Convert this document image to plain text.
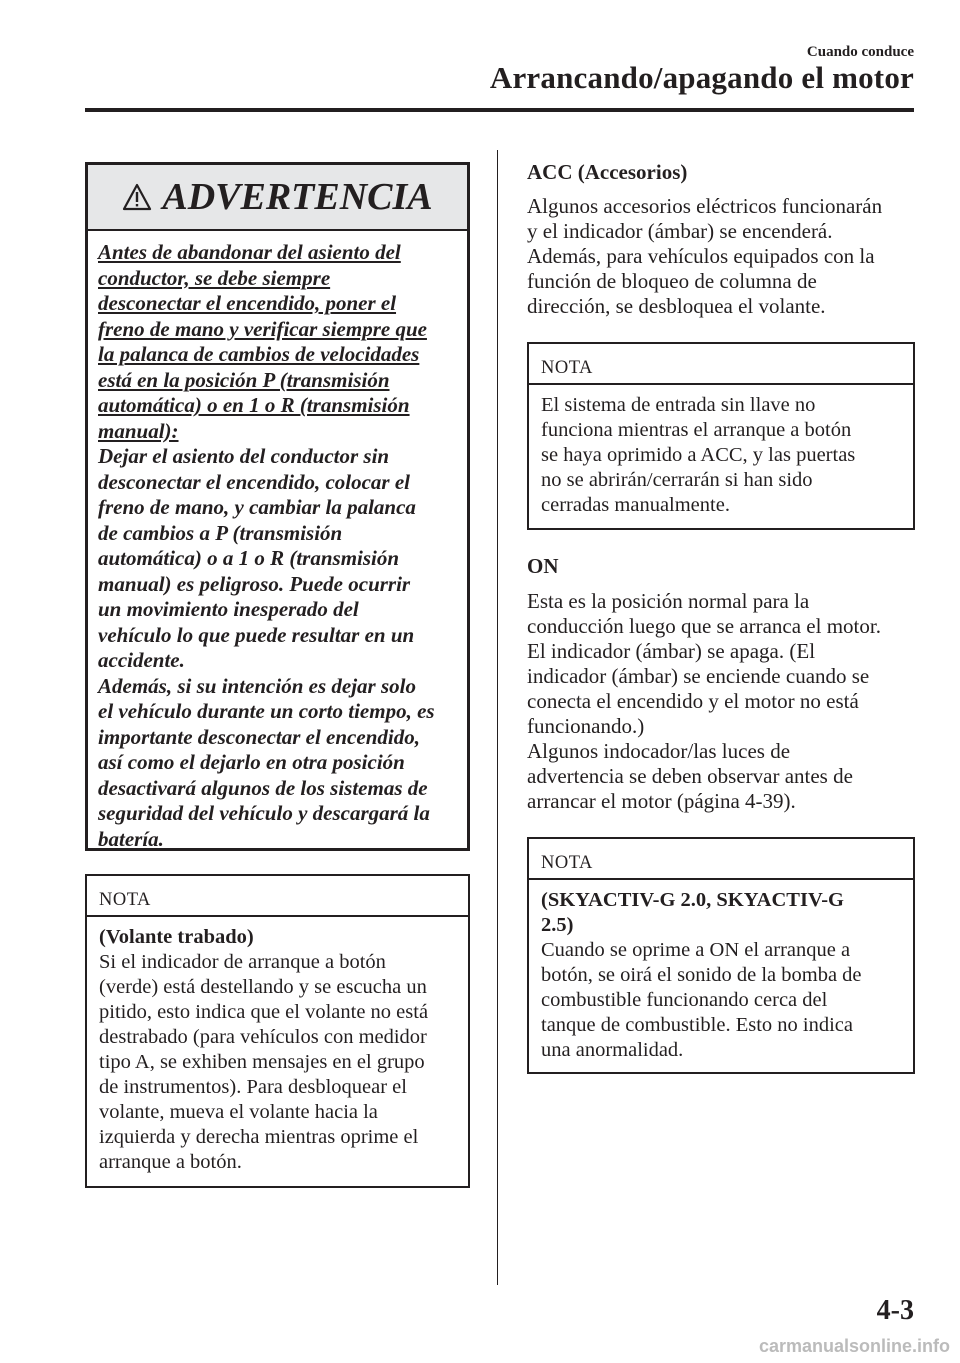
Cuando conduce
Arrancando/apagando el motor
ADVERTENCIA
Antes de abandonar del asiento del
conductor, se debe siempre
desconectar el encendido, poner el
freno de mano y verificar siempre que
la palanca de cambios de velocidades
está en la posición P (transmisión
automática) o en 1 o R (transmisión
manual):
Dejar el asiento del conductor sin
desconectar el encendido, colocar el
freno de mano, y cambiar la palanca
de cambios a P (transmisión
automática) o a 1 o R (transmisión
manual) es peligroso. Puede ocurrir
un movimiento inesperado del
vehículo lo que puede resultar en un
accidente.
Además, si su intención es dejar solo
el vehículo durante un corto tiempo, es
importante desconectar el encendido,
así como el dejarlo en otra posición
desactivará algunos de los sistemas de
seguridad del vehículo y descargará la
batería.
NOTA
(Volante trabado)
Si el indicador de arranque a botón
(verde) está destellando y se escucha un
pitido, esto indica que el volante no está
destrabado (para vehículos con medidor
tipo A, se exhiben mensajes en el grupo
de instrumentos). Para desbloquear el
volante, mueva el volante hacia la
izquierda y derecha mientras oprime el
arranque a botón.
ACC (Accesorios)
Algunos accesorios eléctricos funcionarán
y el indicador (ámbar) se encenderá.
Además, para vehículos equipados con la
función de bloqueo de columna de
dirección, se desbloquea el volante.
NOTA
El sistema de entrada sin llave no
funciona mientras el arranque a botón
se haya oprimido a ACC, y las puertas
no se abrirán/cerrarán si han sido
cerradas manualmente.
ON
Esta es la posición normal para la
conducción luego que se arranca el motor.
El indicador (ámbar) se apaga. (El
indicador (ámbar) se enciende cuando se
conecta el encendido y el motor no está
funcionando.)
Algunos indocador/las luces de
advertencia se deben observar antes de
arrancar el motor (página 4-39).
NOTA
(SKYACTIV-G 2.0, SKYACTIV-G
2.5)
Cuando se oprime a ON el arranque a
botón, se oirá el sonido de la bomba de
combustible funcionando cerca del
tanque de combustible. Esto no indica
una anormalidad.
4-3
carmanualsonline.info
